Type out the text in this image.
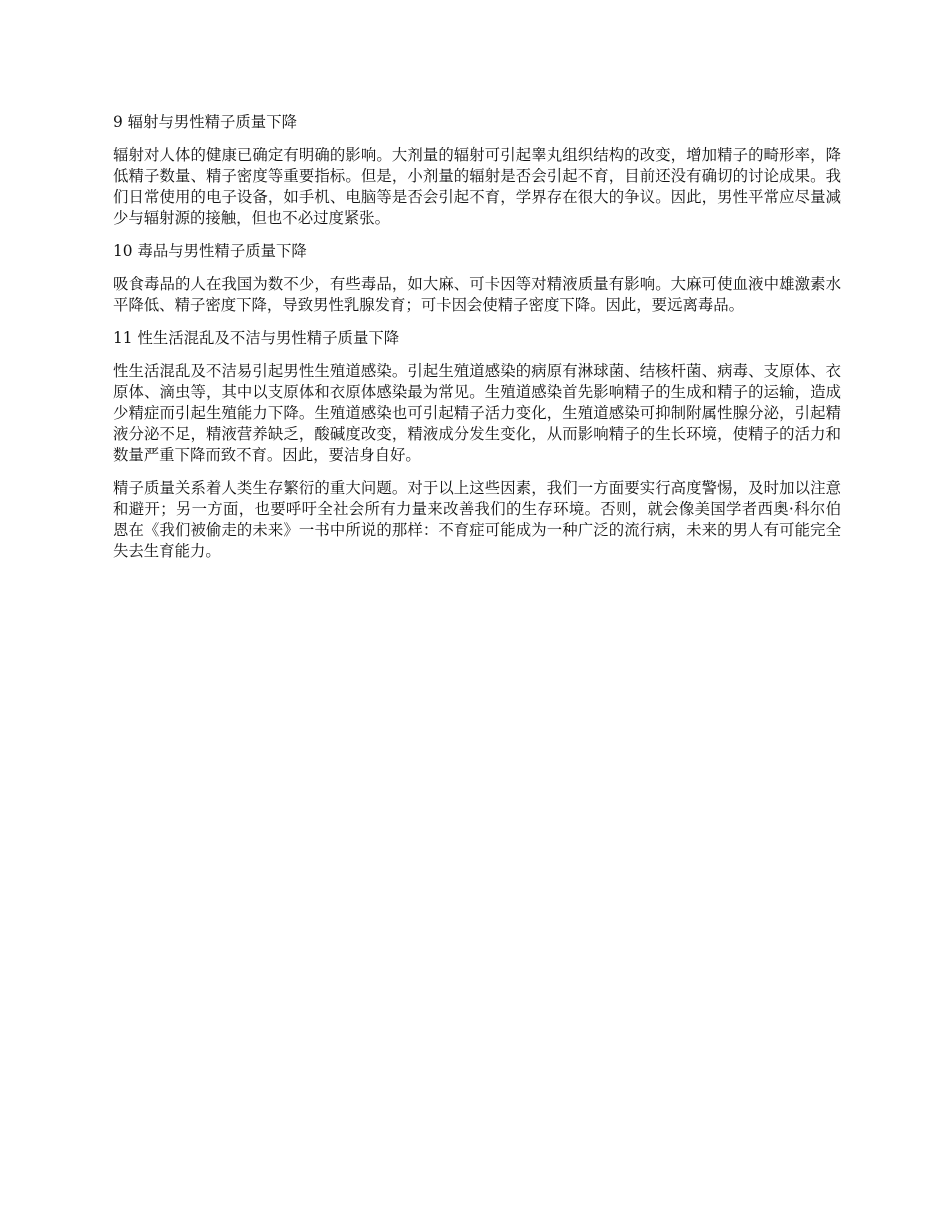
9 辐射与男性精子质量下降

辐射对人体的健康已确定有明确的影响。大剂量的辐射可引起睾丸组织结构的改变，增加精子的畸形率，降低精子数量、精子密度等重要指标。但是，小剂量的辐射是否会引起不育，目前还没有确切的讨论成果。我们日常使用的电子设备，如手机、电脑等是否会引起不育，学界存在很大的争议。因此，男性平常应尽量减少与辐射源的接触，但也不必过度紧张。

10 毒品与男性精子质量下降

吸食毒品的人在我国为数不少，有些毒品，如大麻、可卡因等对精液质量有影响。大麻可使血液中雄激素水平降低、精子密度下降，导致男性乳腺发育；可卡因会使精子密度下降。因此，要远离毒品。

11 性生活混乱及不洁与男性精子质量下降

性生活混乱及不洁易引起男性生殖道感染。引起生殖道感染的病原有淋球菌、结核杆菌、病毒、支原体、衣原体、滴虫等，其中以支原体和衣原体感染最为常见。生殖道感染首先影响精子的生成和精子的运输，造成少精症而引起生殖能力下降。生殖道感染也可引起精子活力变化，生殖道感染可抑制附属性腺分泌，引起精液分泌不足，精液营养缺乏，酸碱度改变，精液成分发生变化，从而影响精子的生长环境，使精子的活力和数量严重下降而致不育。因此，要洁身自好。

精子质量关系着人类生存繁衍的重大问题。对于以上这些因素，我们一方面要实行高度警惕，及时加以注意和避开；另一方面，也要呼吁全社会所有力量来改善我们的生存环境。否则，就会像美国学者西奥·科尔伯恩在《我们被偷走的未来》一书中所说的那样：不育症可能成为一种广泛的流行病，未来的男人有可能完全失去生育能力。
